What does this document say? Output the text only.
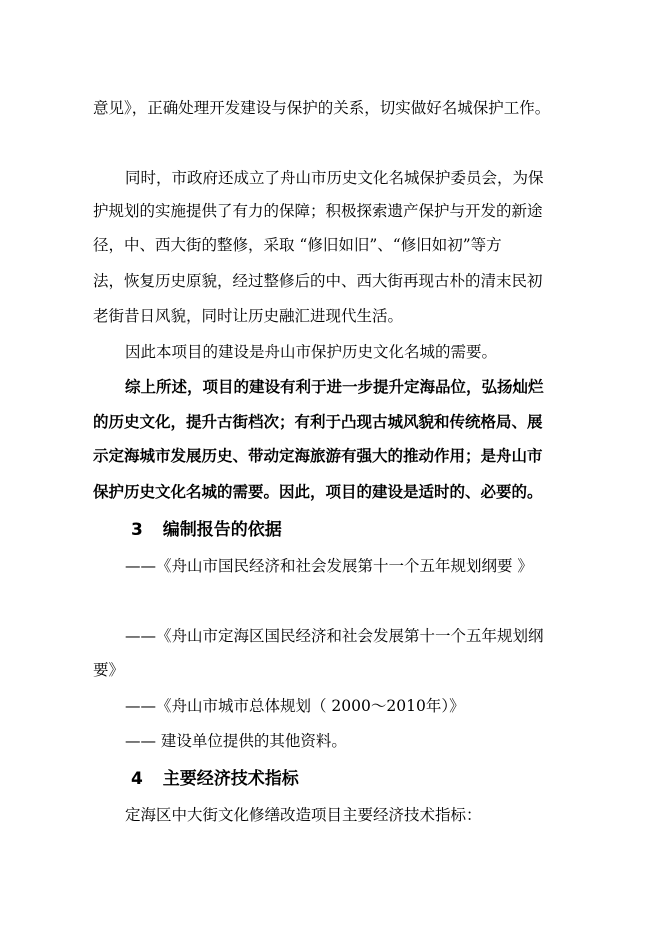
意见》，正确处理开发建设与保护的关系，切实做好名城保护工作。
同时，市政府还成立了舟山市历史文化名城保护委员会，为保
护规划的实施提供了有力的保障；积极探索遗产保护与开发的新途
径，中、西大街的整修，采取 “修旧如旧”、“修旧如初”等方
法，恢复历史原貌，经过整修后的中、西大街再现古朴的清末民初
老街昔日风貌，同时让历史融汇进现代生活。
因此本项目的建设是舟山市保护历史文化名城的需要。
综上所述，项目的建设有利于进一步提升定海品位，弘扬灿烂
的历史文化，提升古街档次；有利于凸现古城风貌和传统格局、展
示定海城市发展历史、带动定海旅游有强大的推动作用；是舟山市
保护历史文化名城的需要。因此，项目的建设是适时的、必要的。
3 编制报告的依据
——《舟山市国民经济和社会发展第十一个五年规划纲要 》
——《舟山市定海区国民经济和社会发展第十一个五年规划纲
要》
——《舟山市城市总体规划（ 2000～2010年）》
—— 建设单位提供的其他资料。
4 主要经济技术指标
定海区中大街文化修缮改造项目主要经济技术指标：
